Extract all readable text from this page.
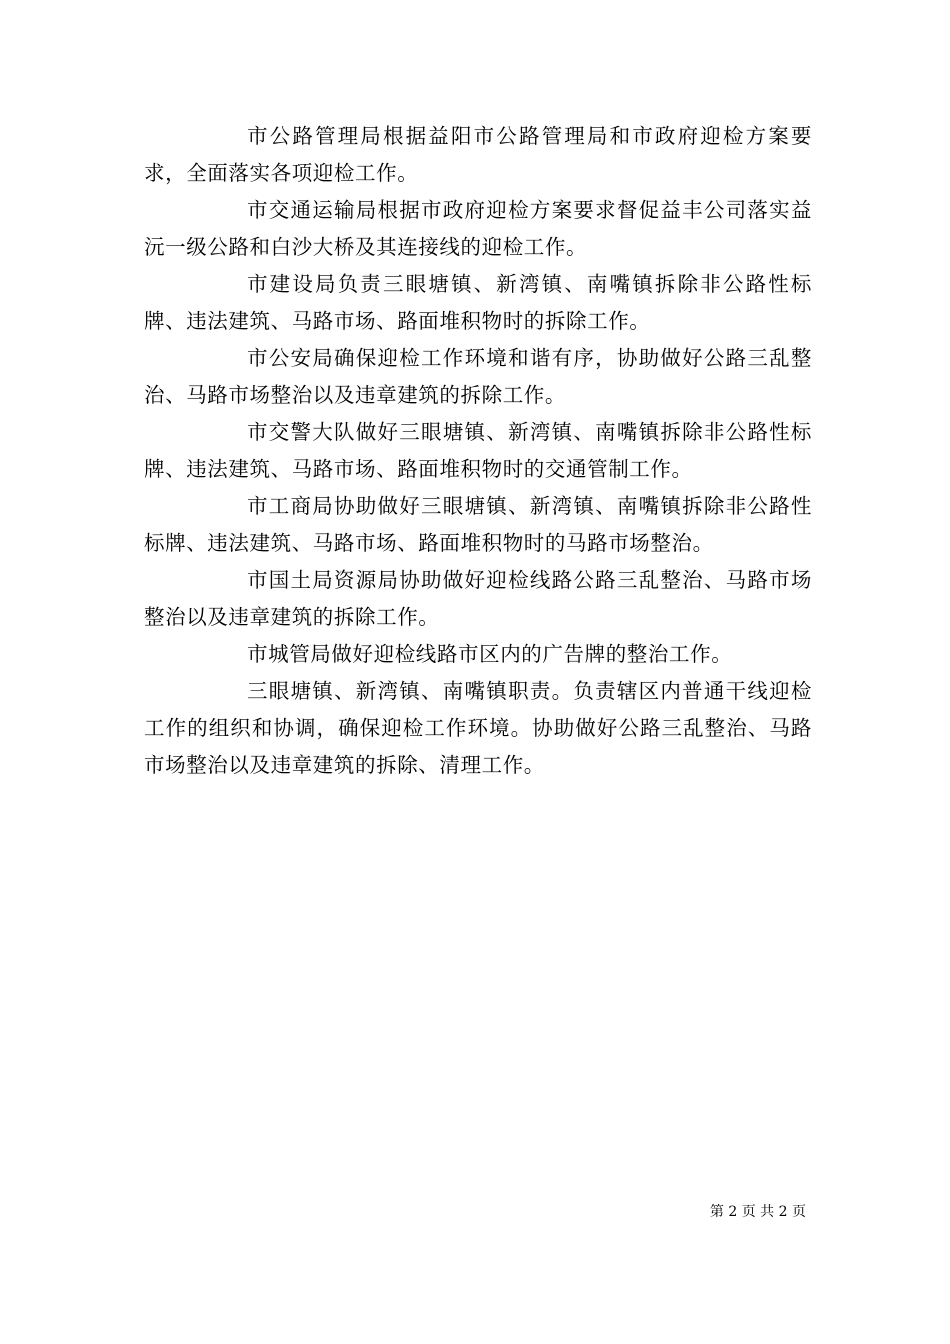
市公路管理局根据益阳市公路管理局和市政府迎检方案要求，全面落实各项迎检工作。

市交通运输局根据市政府迎检方案要求督促益丰公司落实益沅一级公路和白沙大桥及其连接线的迎检工作。

市建设局负责三眼塘镇、新湾镇、南嘴镇拆除非公路性标牌、违法建筑、马路市场、路面堆积物时的拆除工作。

市公安局确保迎检工作环境和谐有序，协助做好公路三乱整治、马路市场整治以及违章建筑的拆除工作。

市交警大队做好三眼塘镇、新湾镇、南嘴镇拆除非公路性标牌、违法建筑、马路市场、路面堆积物时的交通管制工作。

市工商局协助做好三眼塘镇、新湾镇、南嘴镇拆除非公路性标牌、违法建筑、马路市场、路面堆积物时的马路市场整治。

市国土局资源局协助做好迎检线路公路三乱整治、马路市场整治以及违章建筑的拆除工作。

市城管局做好迎检线路市区内的广告牌的整治工作。

三眼塘镇、新湾镇、南嘴镇职责。负责辖区内普通干线迎检工作的组织和协调，确保迎检工作环境。协助做好公路三乱整治、马路市场整治以及违章建筑的拆除、清理工作。

第 2 页 共 2 页
